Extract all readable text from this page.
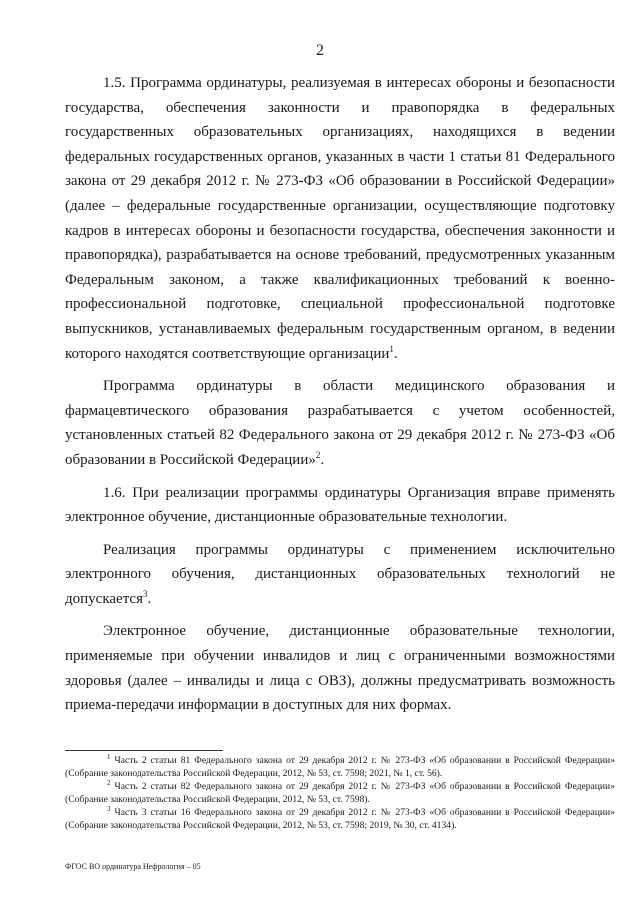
2

1.5. Программа ординатуры, реализуемая в интересах обороны и безопасности государства, обеспечения законности и правопорядка в федеральных государственных образовательных организациях, находящихся в ведении федеральных государственных органов, указанных в части 1 статьи 81 Федерального закона от 29 декабря 2012 г. № 273-ФЗ «Об образовании в Российской Федерации» (далее – федеральные государственные организации, осуществляющие подготовку кадров в интересах обороны и безопасности государства, обеспечения законности и правопорядка), разрабатывается на основе требований, предусмотренных указанным Федеральным законом, а также квалификационных требований к военно-профессиональной подготовке, специальной профессиональной подготовке выпускников, устанавливаемых федеральным государственным органом, в ведении которого находятся соответствующие организации$^1$.

Программа ординатуры в области медицинского образования и фармацевтического образования разрабатывается с учетом особенностей, установленных статьей 82 Федерального закона от 29 декабря 2012 г. № 273-ФЗ «Об образовании в Российской Федерации»$^2$.

1.6. При реализации программы ординатуры Организация вправе применять электронное обучение, дистанционные образовательные технологии.

Реализация программы ординатуры с применением исключительно электронного обучения, дистанционных образовательных технологий не допускается$^3$.

Электронное обучение, дистанционные образовательные технологии, применяемые при обучении инвалидов и лиц с ограниченными возможностями здоровья (далее – инвалиды и лица с ОВЗ), должны предусматривать возможность приема-передачи информации в доступных для них формах.

$^1$ Часть 2 статьи 81 Федерального закона от 29 декабря 2012 г. № 273-ФЗ «Об образовании в Российской Федерации» (Собрание законодательства Российской Федерации, 2012, № 53, ст. 7598; 2021, № 1, ст. 56).

$^2$ Часть 2 статьи 82 Федерального закона от 29 декабря 2012 г. № 273-ФЗ «Об образовании в Российской Федерации» (Собрание законодательства Российской Федерации, 2012, № 53, ст. 7598).

$^3$ Часть 3 статьи 16 Федерального закона от 29 декабря 2012 г. № 273-ФЗ «Об образовании в Российской Федерации» (Собрание законодательства Российской Федерации, 2012, № 53, ст. 7598; 2019, № 30, ст. 4134).

ФГОС ВО ординатура Нефрология – 05
